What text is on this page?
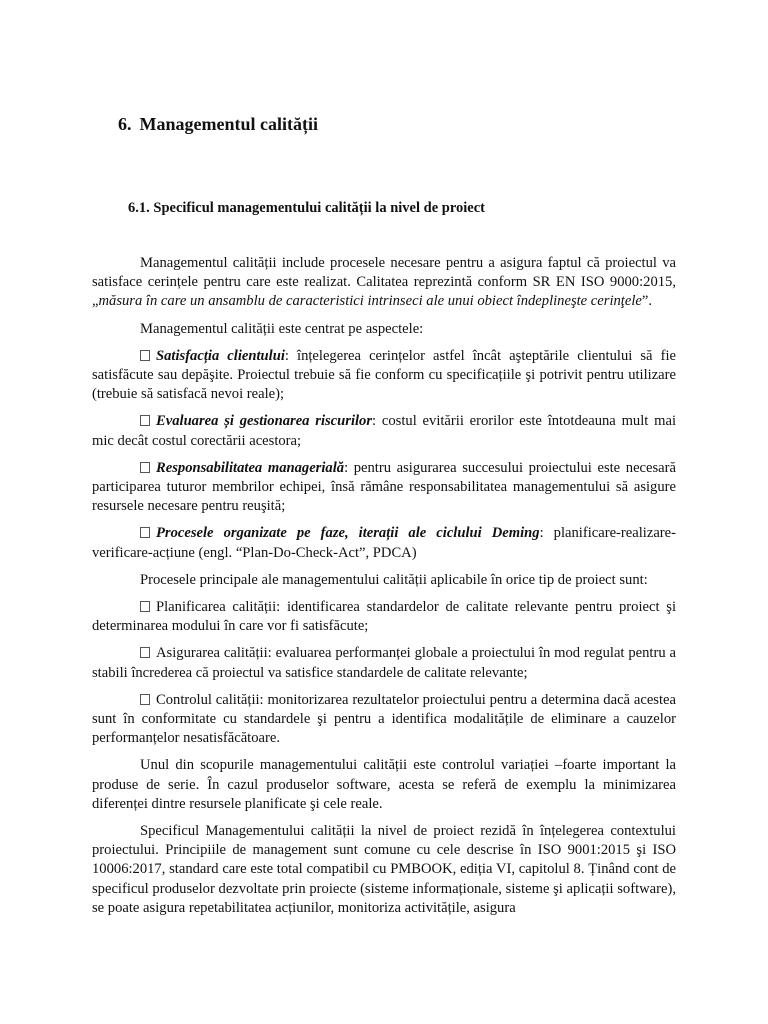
6. Managementul calității
6.1. Specificul managementului calității la nivel de proiect

Managementul calității include procesele necesare pentru a asigura faptul că proiectul va satisface cerințele pentru care este realizat. Calitatea reprezintă conform SR EN ISO 9000:2015,„măsura în care un ansamblu de caracteristici intrinseci ale unui obiect îndeplineşte cerinţele”.

Managementul calității este centrat pe aspectele:

Satisfacția clientului: înțelegerea cerințelor astfel încât aşteptările clientului să fie satisfăcute sau depăşite. Proiectul trebuie să fie conform cu specificațiile şi potrivit pentru utilizare (trebuie să satisfacă nevoi reale);

Evaluarea și gestionarea riscurilor: costul evitării erorilor este întotdeauna mult mai mic decât costul corectării acestora;

Responsabilitatea managerială: pentru asigurarea succesului proiectului este necesară participarea tuturor membrilor echipei, însă rămâne responsabilitatea managementului să asigure resursele necesare pentru reuşită;

Procesele organizate pe faze, iterații ale ciclului Deming: planificare-realizare-verificare-acțiune (engl. “Plan-Do-Check-Act”, PDCA)

Procesele principale ale managementului calității aplicabile în orice tip de proiect sunt:

Planificarea calității: identificarea standardelor de calitate relevante pentru proiect şi determinarea modului în care vor fi satisfăcute;

Asigurarea calității: evaluarea performanței globale a proiectului în mod regulat pentru a stabili încrederea că proiectul va satisfice standardele de calitate relevante;

Controlul calității: monitorizarea rezultatelor proiectului pentru a determina dacă acestea sunt în conformitate cu standardele şi pentru a identifica modalitățile de eliminare a cauzelor performanțelor nesatisfăcătoare.

Unul din scopurile managementului calității este controlul variației –foarte important la produse de serie. În cazul produselor software, acesta se referă de exemplu la minimizarea diferenței dintre resursele planificate şi cele reale.

Specificul Managementului calității la nivel de proiect rezidă în înțelegerea contextului proiectului. Principiile de management sunt comune cu cele descrise în ISO 9001:2015 şi ISO 10006:2017, standard care este total compatibil cu PMBOOK, ediția VI, capitolul 8. Ținând cont de specificul produselor dezvoltate prin proiecte (sisteme informaționale, sisteme şi aplicații software), se poate asigura repetabilitatea acțiunilor, monitoriza activitățile, asigura
